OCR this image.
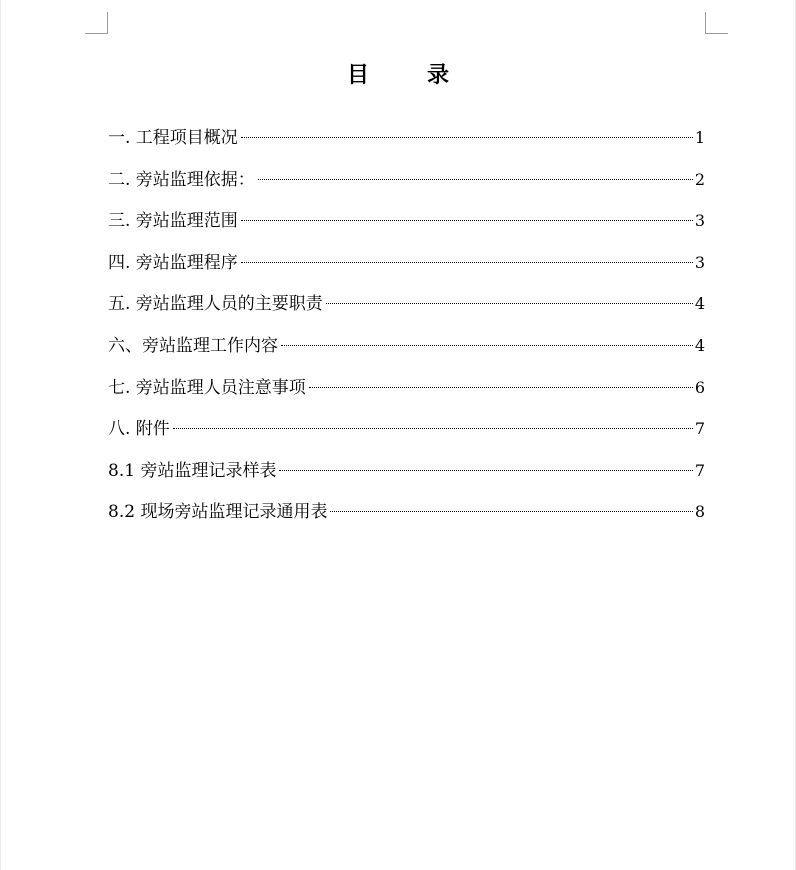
目	录
一. 工程项目概况	1
二. 旁站监理依据：	2
三. 旁站监理范围	3
四. 旁站监理程序	3
五. 旁站监理人员的主要职责	4
六、旁站监理工作内容	4
七. 旁站监理人员注意事项	6
八. 附件	7
8.1 旁站监理记录样表	7
8.2 现场旁站监理记录通用表	8
